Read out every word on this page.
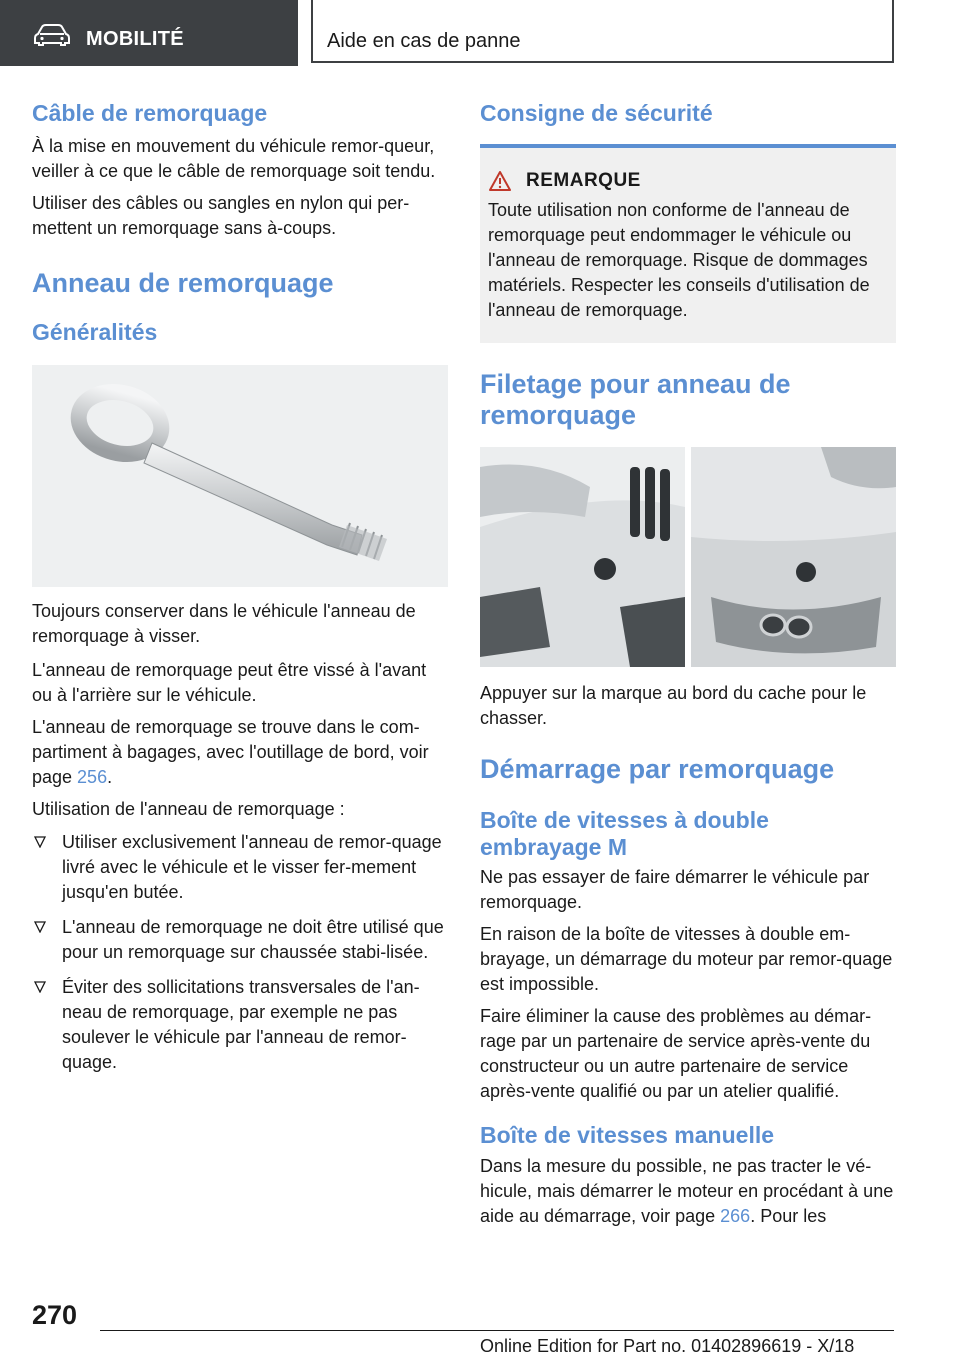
MOBILITÉ	Aide en cas de panne
Câble de remorquage

À la mise en mouvement du véhicule remor-queur, veiller à ce que le câble de remorquage soit tendu.

Utiliser des câbles ou sangles en nylon qui per-mettent un remorquage sans à-coups.

Anneau de remorquage
Généralités

Toujours conserver dans le véhicule l'anneau de remorquage à visser.

L'anneau de remorquage peut être vissé à l'avant ou à l'arrière sur le véhicule.

L'anneau de remorquage se trouve dans le com-partiment à bagages, avec l'outillage de bord, voir page 256.

Utilisation de l'anneau de remorquage :

Utiliser exclusivement l'anneau de remor-quage livré avec le véhicule et le visser fer-mement jusqu'en butée.
L'anneau de remorquage ne doit être utilisé que pour un remorquage sur chaussée stabi-lisée.
Éviter des sollicitations transversales de l'an-neau de remorquage, par exemple ne pas soulever le véhicule par l'anneau de remor-quage.
Consigne de sécurité
REMARQUE

Toute utilisation non conforme de l'anneau de remorquage peut endommager le véhicule ou l'anneau de remorquage. Risque de dommages matériels. Respecter les conseils d'utilisation de l'anneau de remorquage.

Filetage pour anneau de remorquage

Appuyer sur la marque au bord du cache pour le chasser.

Démarrage par remorquage
Boîte de vitesses à double embrayage M

Ne pas essayer de faire démarrer le véhicule par remorquage.

En raison de la boîte de vitesses à double em-brayage, un démarrage du moteur par remor-quage est impossible.

Faire éliminer la cause des problèmes au démar-rage par un partenaire de service après-vente du constructeur ou un autre partenaire de service après-vente qualifié ou par un atelier qualifié.

Boîte de vitesses manuelle

Dans la mesure du possible, ne pas tracter le vé-hicule, mais démarrer le moteur en procédant à une aide au démarrage, voir page 266. Pour les

270
Online Edition for Part no. 01402896619 - X/18
